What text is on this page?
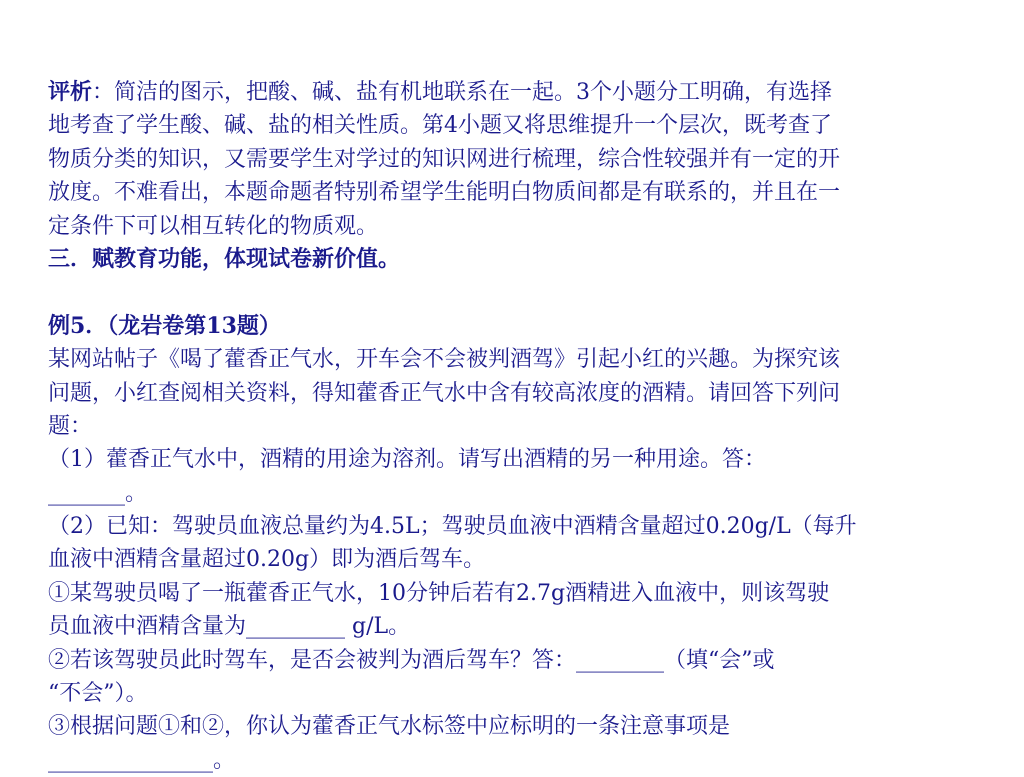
评析：简洁的图示，把酸、碱、盐有机地联系在一起。3个小题分工明确，有选择
地考查了学生酸、碱、盐的相关性质。第4小题又将思维提升一个层次，既考查了
物质分类的知识，又需要学生对学过的知识网进行梳理，综合性较强并有一定的开
放度。不难看出，本题命题者特别希望学生能明白物质间都是有联系的，并且在一
定条件下可以相互转化的物质观。
三．赋教育功能，体现试卷新价值。
例5．（龙岩卷第13题）
某网站帖子《喝了藿香正气水，开车会不会被判酒驾》引起小红的兴趣。为探究该
问题，小红查阅相关资料，得知藿香正气水中含有较高浓度的酒精。请回答下列问
题：
（1）藿香正气水中，酒精的用途为溶剂。请写出酒精的另一种用途。答：
_______。
（2）已知：驾驶员血液总量约为4.5L；驾驶员血液中酒精含量超过0.20g/L（每升
血液中酒精含量超过0.20g）即为酒后驾车。
①某驾驶员喝了一瓶藿香正气水，10分钟后若有2.7g酒精进入血液中，则该驾驶
员血液中酒精含量为_________ g/L。
②若该驾驶员此时驾车，是否会被判为酒后驾车？答：________（填“会”或
“不会”）。
③根据问题①和②，你认为藿香正气水标签中应标明的一条注意事项是
_______________。
